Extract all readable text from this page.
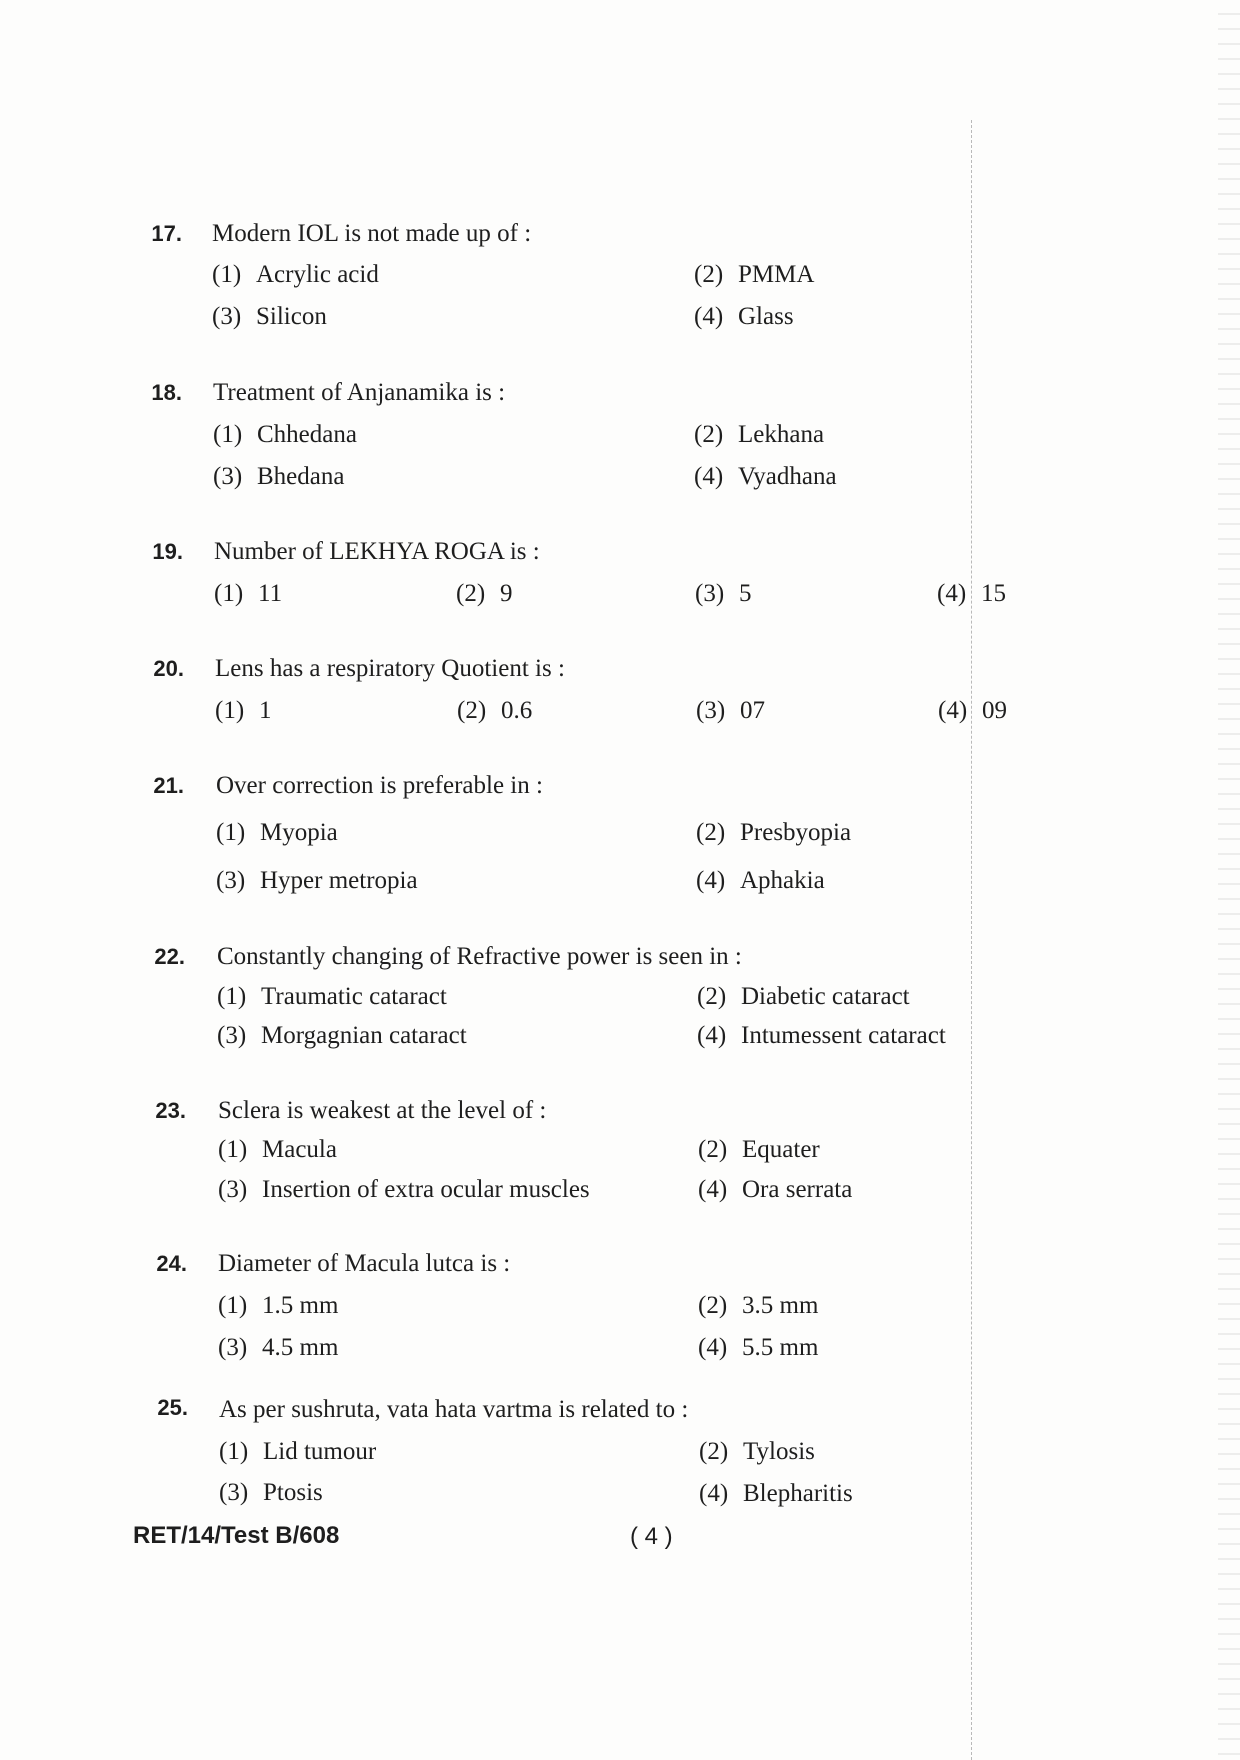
17. Modern IOL is not made up of :
(1) Acrylic acid	(2) PMMA
(3) Silicon	(4) Glass
18. Treatment of Anjanamika is :
(1) Chhedana	(2) Lekhana
(3) Bhedana	(4) Vyadhana
19. Number of LEKHYA ROGA is :
(1) 11	(2) 9	(3) 5	(4) 15
20. Lens has a respiratory Quotient is :
(1) 1	(2) 0.6	(3) 07	(4) 09
21. Over correction is preferable in :
(1) Myopia	(2) Presbyopia
(3) Hyper metropia	(4) Aphakia
22. Constantly changing of Refractive power is seen in :
(1) Traumatic cataract	(2) Diabetic cataract
(3) Morgagnian cataract	(4) Intumessent cataract
23. Sclera is weakest at the level of :
(1) Macula	(2) Equater
(3) Insertion of extra ocular muscles	(4) Ora serrata
24. Diameter of Macula lutca is :
(1) 1.5 mm	(2) 3.5 mm
(3) 4.5 mm	(4) 5.5 mm
25. As per sushruta, vata hata vartma is related to :
(1) Lid tumour	(2) Tylosis
(3) Ptosis	(4) Blepharitis
RET/14/Test B/608	( 4 )
